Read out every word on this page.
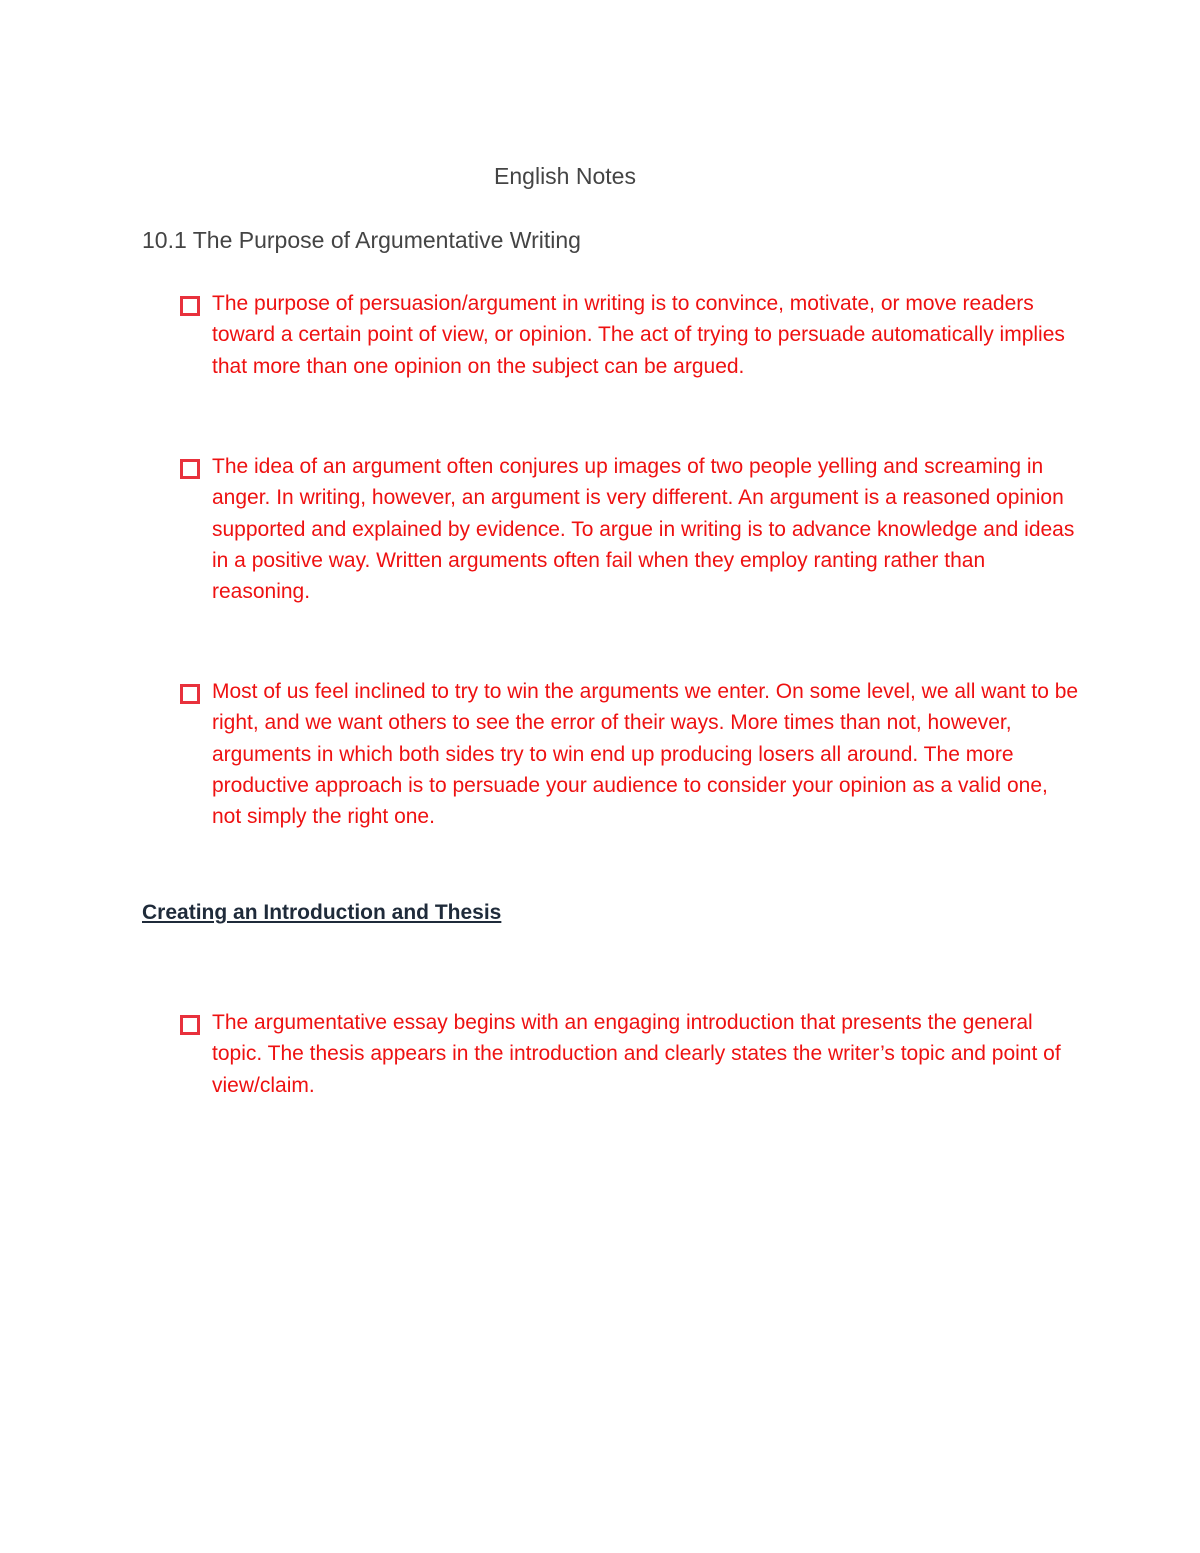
English Notes
10.1 The Purpose of Argumentative Writing

The purpose of persuasion/argument in writing is to convince, motivate, or move readers toward a certain point of view, or opinion. The act of trying to persuade automatically implies that more than one opinion on the subject can be argued.

The idea of an argument often conjures up images of two people yelling and screaming in anger. In writing, however, an argument is very different. An argument is a reasoned opinion supported and explained by evidence. To argue in writing is to advance knowledge and ideas in a positive way. Written arguments often fail when they employ ranting rather than reasoning.

Most of us feel inclined to try to win the arguments we enter. On some level, we all want to be right, and we want others to see the error of their ways. More times than not, however, arguments in which both sides try to win end up producing losers all around. The more productive approach is to persuade your audience to consider your opinion as a valid one, not simply the right one.

Creating an Introduction and Thesis

The argumentative essay begins with an engaging introduction that presents the general topic. The thesis appears in the introduction and clearly states the writer’s topic and point of view/claim.
